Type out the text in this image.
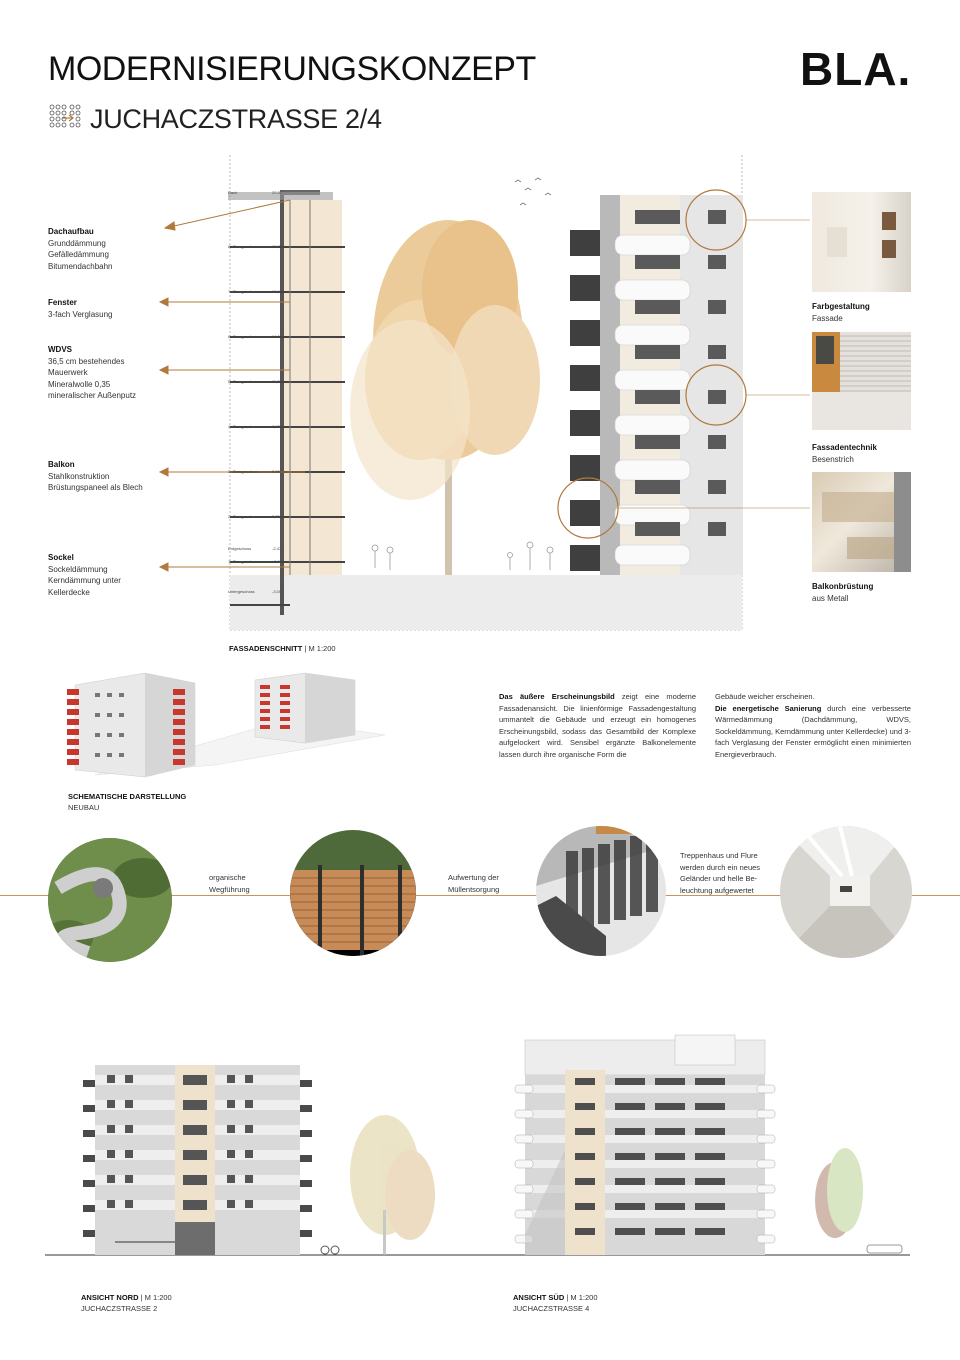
MODERNISIERUNGSKONZEPT	BLA.
JUCHACZSTRASSE 2/4
Dachaufbau
Grunddämmung
Gefälledämmung
Bitumendachbahn
Fenster
3-fach Verglasung
WDVS
36,5 cm bestehendes
Mauerwerk
Mineralwolle 0,35
mineralischer Außenputz
Balkon
Stahlkonstruktion
Brüstungspaneel als Blech
Sockel
Sockeldämmung
Kerndämmung unter
Kellerdecke
FASSADENSCHNITT | M 1:200
Farbgestaltung
Fassade
Fassadentechnik
Besenstrich
Balkonbrüstung
aus Metall
SCHEMATISCHE DARSTELLUNG
NEUBAU
Das äußere Erscheinungsbild zeigt eine moderne Fassadenansicht. Die linienförmige Fassadengestaltung ummantelt die Gebäude und erzeugt ein homogenes Erscheinungsbild, sodass das Gesamtbild der Komplexe aufgelockert wird. Sensibel ergänzte Balkonelemente lassen durch ihre organische Form die
Gebäude weicher erscheinen.
Die energetische Sanierung durch eine verbesserte Wärmedämmung (Dachdämmung, WDVS, Sockeldämmung, Kerndämmung unter Kellerdecke) und 3-fach Verglasung der Fenster ermöglicht einen minimierten Energieverbrauch.
organische
Wegführung
Aufwertung der
Müllentsorgung
Treppenhaus und Flure
werden durch ein neues
Geländer und helle Be-
leuchtung aufgewertet
ANSICHT NORD | M 1:200
JUCHACZSTRASSE 2
ANSICHT SÜD | M 1:200
JUCHACZSTRASSE 4
Dach	22,37
8. Obergeschoss	19,70
7. Obergeschoss	16,91
6. Obergeschoss	14,08
5. Obergeschoss	11,25
4. Obergeschoss	8,42
3. Obergeschoss	5,59
2. Obergeschoss	2,76
1. Obergeschoss	±0,00
Erdgeschoss	-2,47
Untergeschoss	-3,00
